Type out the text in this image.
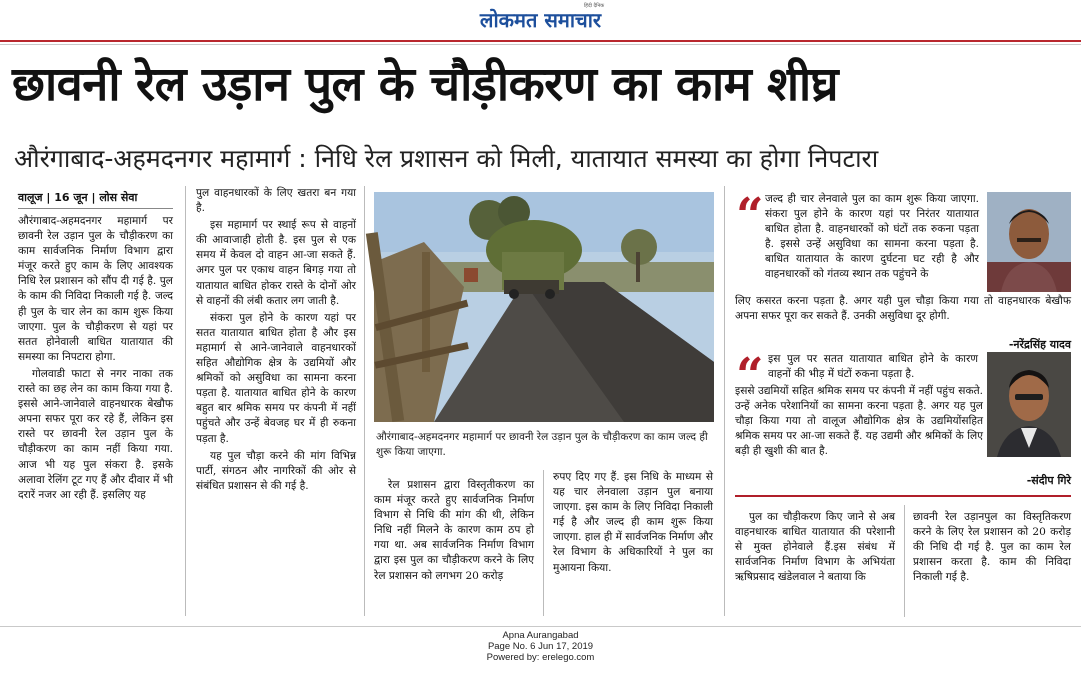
हिंदी दैनिक
लोकमत समाचार
छावनी रेल उड़ान पुल के चौड़ीकरण का काम शीघ्र
औरंगाबाद-अहमदनगर महामार्ग : निधि रेल प्रशासन को मिली, यातायात समस्या का होगा निपटारा
वालूज | 16 जून | लोस सेवा

औरंगाबाद-अहमदनगर महामार्ग पर छावनी रेल उड़ान पुल के चौड़ीकरण का काम सार्वजनिक निर्माण विभाग द्वारा मंजूर करते हुए काम के लिए आवश्यक निधि रेल प्रशासन को सौंप दी गई है. पुल के काम की निविदा निकाली गई है. जल्द ही पुल के चार लेन का काम शुरू किया जाएगा. पुल के चौड़ीकरण से यहां पर सतत होनेवाली बाधित यातायात की समस्या का निपटारा होगा.

गोलवाडी फाटा से नगर नाका तक रास्ते का छह लेन का काम किया गया है. इससे आने-जानेवाले वाहनधारक बेखौफ अपना सफर पूरा कर रहे हैं, लेकिन इस रास्ते पर छावनी रेल उड़ान पुल के चौड़ीकरण का काम नहीं किया गया. आज भी यह पुल संकरा है. इसके अलावा रेलिंग टूट गए हैं और दीवार में भी दरारें नजर आ रही हैं. इसलिए यह

पुल वाहनधारकों के लिए खतरा बन गया है.

इस महामार्ग पर स्थाई रूप से वाहनों की आवाजाही होती है. इस पुल से एक समय में केवल दो वाहन आ-जा सकते हैं. अगर पुल पर एकाध वाहन बिगड़ गया तो यातायात बाधित होकर रास्ते के दोनों ओर से वाहनों की लंबी कतार लग जाती है.

संकरा पुल होने के कारण यहां पर सतत यातायात बाधित होता है और इस महामार्ग से आने-जानेवाले वाहनधारकों सहित औद्योगिक क्षेत्र के उद्यमियों और श्रमिकों को असुविधा का सामना करना पड़ता है. यातायात बाधित होने के कारण बहुत बार श्रमिक समय पर कंपनी में नहीं पहुंचते और उन्हें बेवजह घर में ही रुकना पड़ता है.

यह पुल चौड़ा करने की मांग विभिन्न पार्टी, संगठन और नागरिकों की ओर से संबंधित प्रशासन से की गई है.

औरंगाबाद-अहमदनगर महामार्ग पर छावनी रेल उड़ान पुल के चौड़ीकरण का काम जल्द ही शुरू किया जाएगा.

रेल प्रशासन द्वारा विस्तृतीकरण का काम मंजूर करते हुए सार्वजनिक निर्माण विभाग से निधि की मांग की थी, लेकिन निधि नहीं मिलने के कारण काम ठप हो गया था. अब सार्वजनिक निर्माण विभाग द्वारा इस पुल का चौड़ीकरण करने के लिए रेल प्रशासन को लगभग 20 करोड़

रुपए दिए गए हैं. इस निधि के माध्यम से यह चार लेनवाला उड़ान पुल बनाया जाएगा. इस काम के लिए निविदा निकाली गई है और जल्द ही काम शुरू किया जाएगा. हाल ही में सार्वजनिक निर्माण और रेल विभाग के अधिकारियों ने पुल का मुआयना किया.

“ जल्द ही चार लेनवाले पुल का काम शुरू किया जाएगा. संकरा पुल होने के कारण यहां पर निरंतर यातायात बाधित होता है. वाहनधारकों को घंटों तक रुकना पड़ता है. इससे उन्हें असुविधा का सामना करना पड़ता है. बाधित यातायात के कारण दुर्घटना घट रही है और वाहनधारकों को गंतव्य स्थान तक पहुंचने के
लिए कसरत करना पड़ता है. अगर यही पुल चौड़ा किया गया तो वाहनधारक बेखौफ अपना सफर पूरा कर सकते हैं. उनकी असुविधा दूर होगी.
-नरेंद्रसिंह यादव
“ इस पुल पर सतत यातायात बाधित होने के कारण वाहनों की भीड़ में घंटों रुकना पड़ता है.
इससे उद्यमियों सहित श्रमिक समय पर कंपनी में नहीं पहुंच सकते. उन्हें अनेक परेशानियों का सामना करना पड़ता है. अगर यह पुल चौड़ा किया गया तो वालूज औद्योगिक क्षेत्र के उद्यमियोंसहित श्रमिक समय पर आ-जा सकते हैं. यह उद्यमी और श्रमिकों के लिए बड़ी ही खुशी की बात है.
-संदीप गिरे

पुल का चौड़ीकरण किए जाने से अब वाहनधारक बाधित यातायात की परेशानी से मुक्त होनेवाले हैं.इस संबंध में सार्वजनिक निर्माण विभाग के अभियंता ऋषिप्रसाद खंडेलवाल ने बताया कि

छावनी रेल उड़ानपुल का विस्तृतिकरण करने के लिए रेल प्रशासन को 20 करोड़ की निधि दी गई है. पुल का काम रेल प्रशासन करता है. काम की निविदा निकाली गई है.

Apna Aurangabad
Page No. 6 Jun 17, 2019
Powered by: erelego.com
